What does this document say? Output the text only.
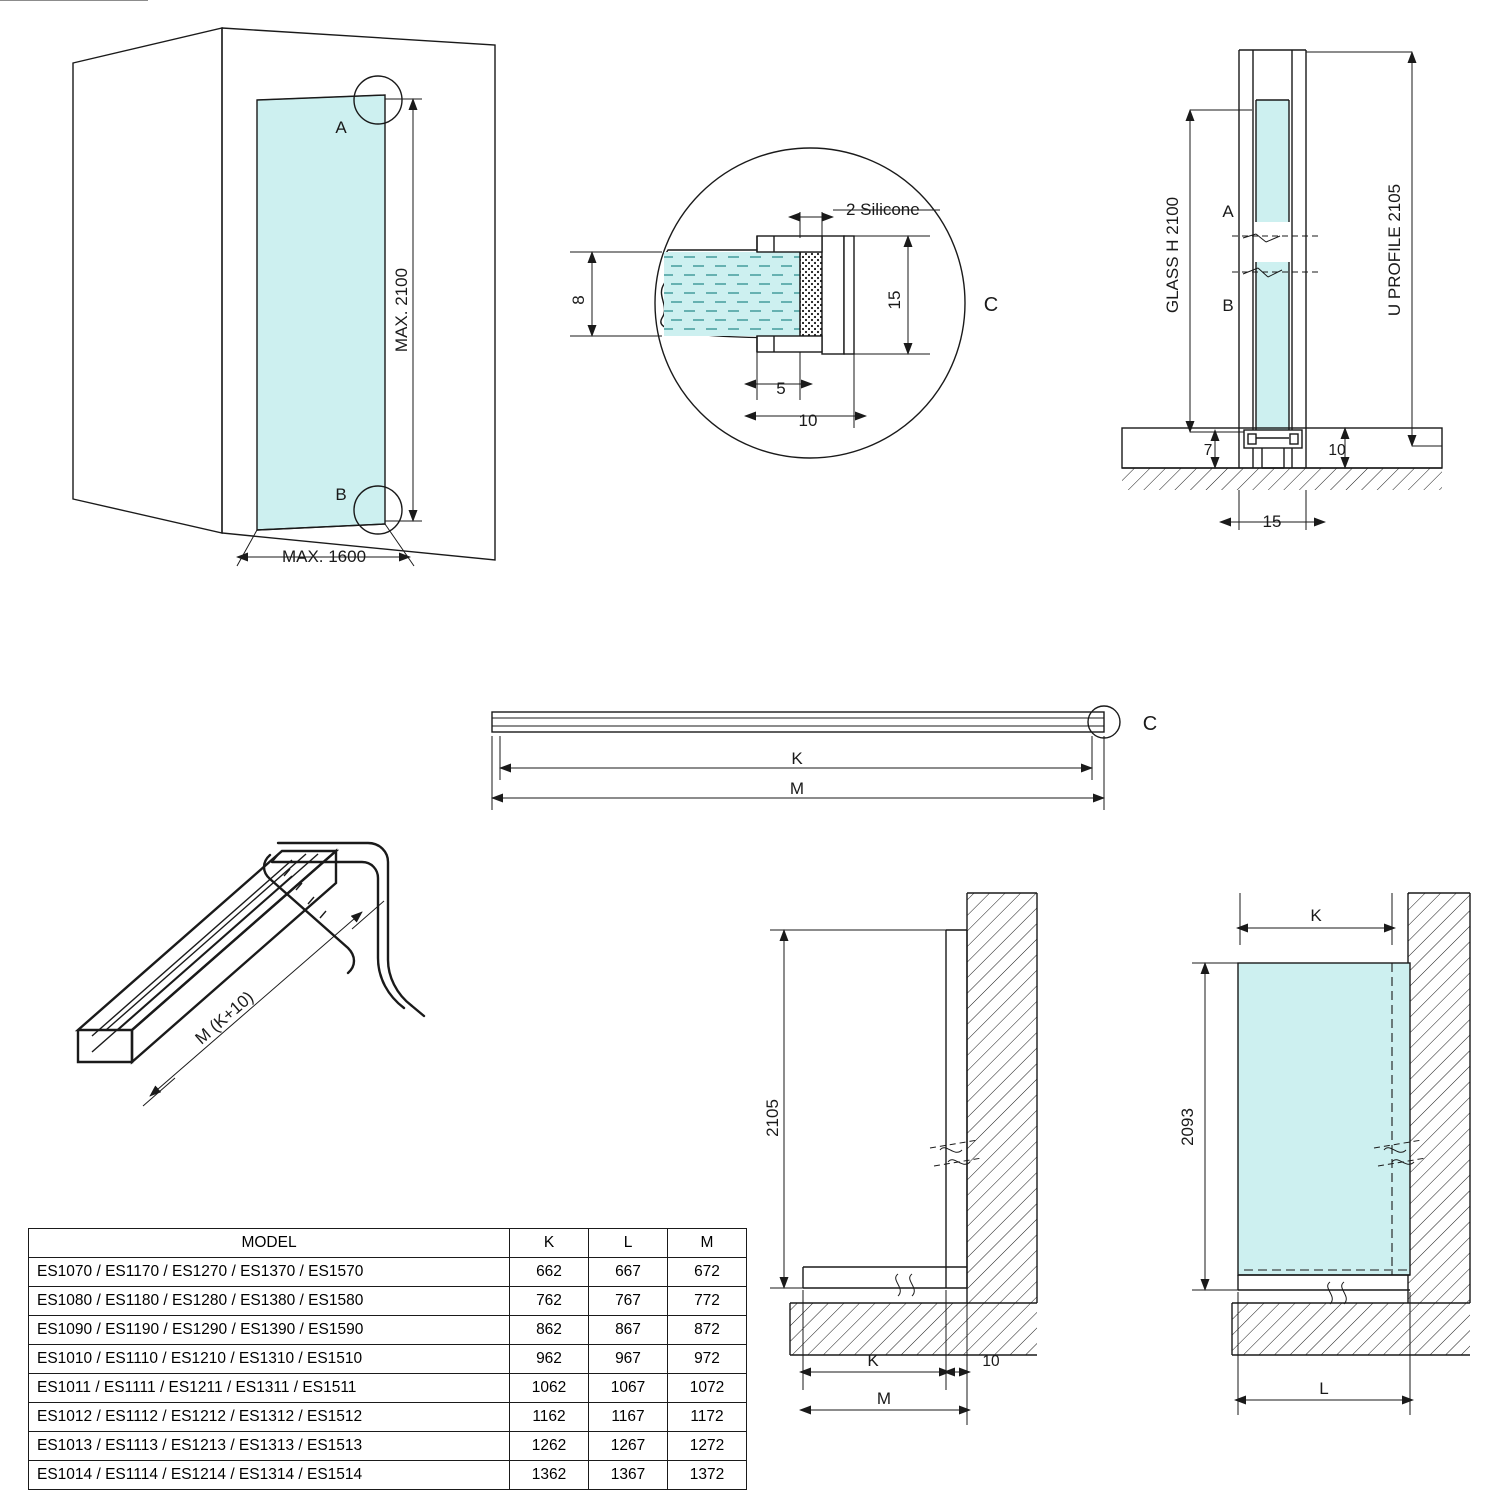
A
B
MAX. 2100
MAX. 1600
2 Silicone
8	15
5
10
C	GLASS H 2100	U PROFILE 2105
A
B
7	10
15
K
M
C
M (K+10)
2105
K	10
M
K
2093
L
MODEL	K	L	M
ES1070 / ES1170 / ES1270 / ES1370 / ES1570	662	667	672
ES1080 / ES1180 / ES1280 / ES1380 / ES1580	762	767	772
ES1090 / ES1190 / ES1290 / ES1390 / ES1590	862	867	872
ES1010 / ES1110 / ES1210 / ES1310 / ES1510	962	967	972
ES1011 / ES1111 / ES1211 / ES1311 / ES1511	1062	1067	1072
ES1012 / ES1112 / ES1212 / ES1312 / ES1512	1162	1167	1172
ES1013 / ES1113 / ES1213 / ES1313 / ES1513	1262	1267	1272
ES1014 / ES1114 / ES1214 / ES1314 / ES1514	1362	1367	1372
